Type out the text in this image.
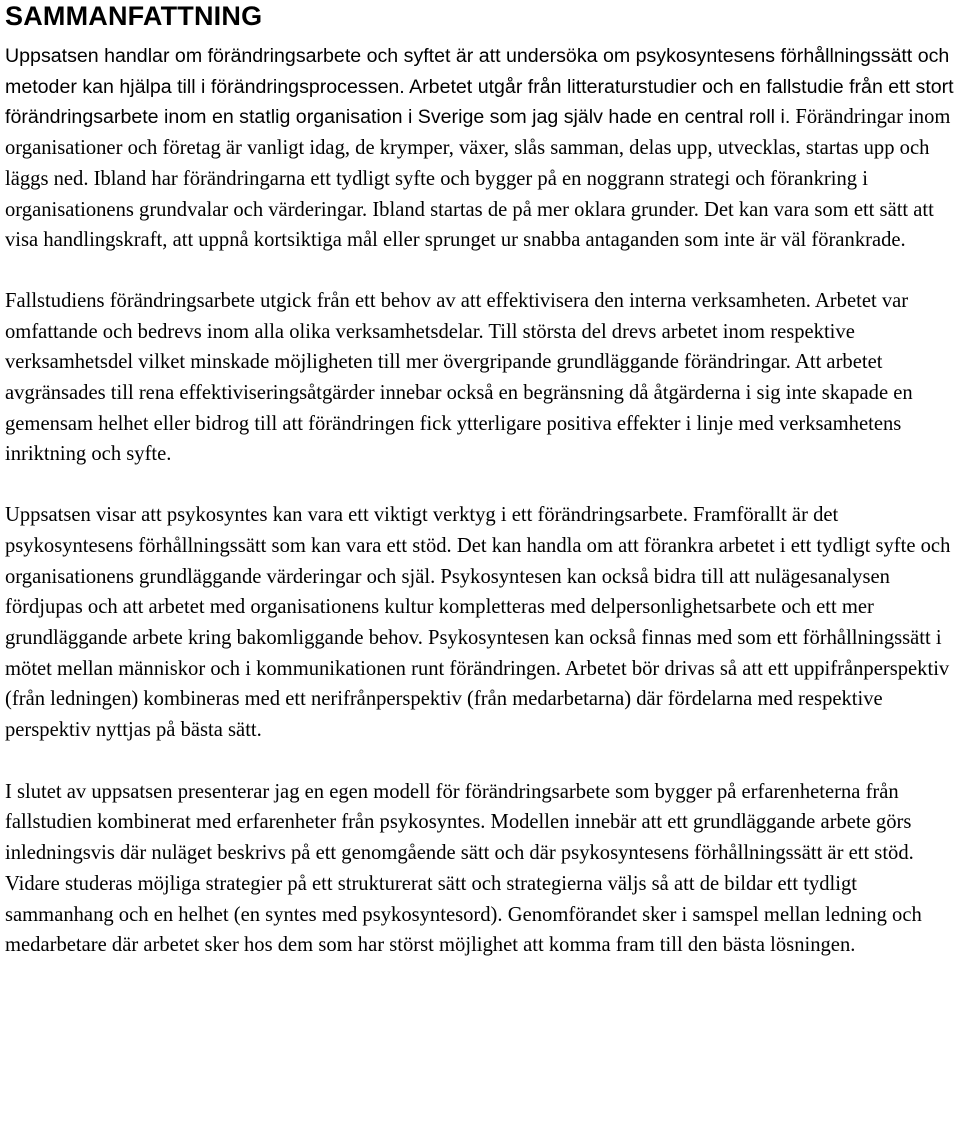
SAMMANFATTNING

Uppsatsen handlar om förändringsarbete och syftet är att undersöka om psykosyntesens förhållningssätt och metoder kan hjälpa till i förändringsprocessen. Arbetet utgår från litteraturstudier och en fallstudie från ett stort förändringsarbete inom en statlig organisation i Sverige som jag själv hade en central roll i. Förändringar inom organisationer och företag är vanligt idag, de krymper, växer, slås samman, delas upp, utvecklas, startas upp och läggs ned. Ibland har förändringarna ett tydligt syfte och bygger på en noggrann strategi och förankring i organisationens grundvalar och värderingar. Ibland startas de på mer oklara grunder. Det kan vara som ett sätt att visa handlingskraft, att uppnå kortsiktiga mål eller sprunget ur snabba antaganden som inte är väl förankrade.

Fallstudiens förändringsarbete utgick från ett behov av att effektivisera den interna verksamheten. Arbetet var omfattande och bedrevs inom alla olika verksamhetsdelar. Till största del drevs arbetet inom respektive verksamhetsdel vilket minskade möjligheten till mer övergripande grundläggande förändringar. Att arbetet avgränsades till rena effektiviseringsåtgärder innebar också en begränsning då åtgärderna i sig inte skapade en gemensam helhet eller bidrog till att förändringen fick ytterligare positiva effekter i linje med verksamhetens inriktning och syfte.

Uppsatsen visar att psykosyntes kan vara ett viktigt verktyg i ett förändringsarbete. Framförallt är det psykosyntesens förhållningssätt som kan vara ett stöd. Det kan handla om att förankra arbetet i ett tydligt syfte och organisationens grundläggande värderingar och själ. Psykosyntesen kan också bidra till att nulägesanalysen fördjupas och att arbetet med organisationens kultur kompletteras med delpersonlighetsarbete och ett mer grundläggande arbete kring bakomliggande behov. Psykosyntesen kan också finnas med som ett förhållningssätt i mötet mellan människor och i kommunikationen runt förändringen. Arbetet bör drivas så att ett uppifrånperspektiv (från ledningen) kombineras med ett nerifrånperspektiv (från medarbetarna) där fördelarna med respektive perspektiv nyttjas på bästa sätt.

I slutet av uppsatsen presenterar jag en egen modell för förändringsarbete som bygger på erfarenheterna från fallstudien kombinerat med erfarenheter från psykosyntes. Modellen innebär att ett grundläggande arbete görs inledningsvis där nuläget beskrivs på ett genomgående sätt och där psykosyntesens förhållningssätt är ett stöd. Vidare studeras möjliga strategier på ett strukturerat sätt och strategierna väljs så att de bildar ett tydligt sammanhang och en helhet (en syntes med psykosyntesord). Genomförandet sker i samspel mellan ledning och medarbetare där arbetet sker hos dem som har störst möjlighet att komma fram till den bästa lösningen.
